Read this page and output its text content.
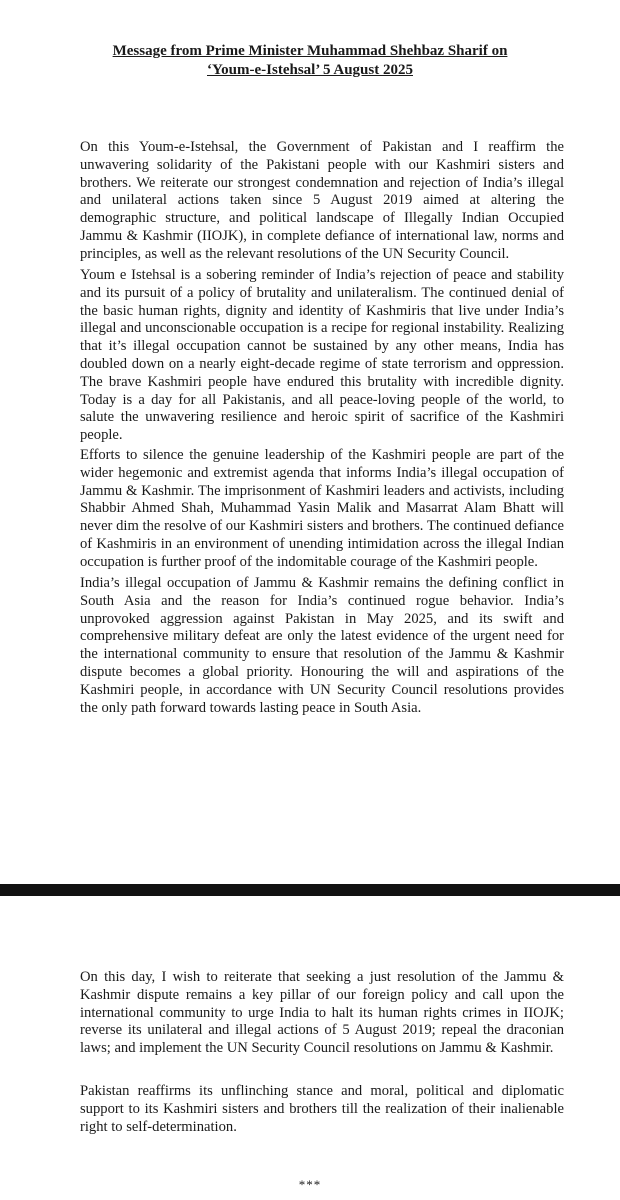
Message from Prime Minister Muhammad Shehbaz Sharif on
‘Youm-e-Istehsal’ 5 August 2025

On this Youm-e-Istehsal, the Government of Pakistan and I reaffirm the unwavering solidarity of the Pakistani people with our Kashmiri sisters and brothers. We reiterate our strongest condemnation and rejection of India’s illegal and unilateral actions taken since 5 August 2019 aimed at altering the demographic structure, and political landscape of Illegally Indian Occupied Jammu & Kashmir (IIOJK), in complete defiance of international law, norms and principles, as well as the relevant resolutions of the UN Security Council.

Youm e Istehsal is a sobering reminder of India’s rejection of peace and stability and its pursuit of a policy of brutality and unilateralism. The continued denial of the basic human rights, dignity and identity of Kashmiris that live under India’s illegal and unconscionable occupation is a recipe for regional instability. Realizing that it’s illegal occupation cannot be sustained by any other means, India has doubled down on a nearly eight-decade regime of state terrorism and oppression. The brave Kashmiri people have endured this brutality with incredible dignity. Today is a day for all Pakistanis, and all peace-loving people of the world, to salute the unwavering resilience and heroic spirit of sacrifice of the Kashmiri people.

Efforts to silence the genuine leadership of the Kashmiri people are part of the wider hegemonic and extremist agenda that informs India’s illegal occupation of Jammu & Kashmir. The imprisonment of Kashmiri leaders and activists, including Shabbir Ahmed Shah, Muhammad Yasin Malik and Masarrat Alam Bhatt will never dim the resolve of our Kashmiri sisters and brothers. The continued defiance of Kashmiris in an environment of unending intimidation across the illegal Indian occupation is further proof of the indomitable courage of the Kashmiri people.

India’s illegal occupation of Jammu & Kashmir remains the defining conflict in South Asia and the reason for India’s continued rogue behavior. India’s unprovoked aggression against Pakistan in May 2025, and its swift and comprehensive military defeat are only the latest evidence of the urgent need for the international community to ensure that resolution of the Jammu & Kashmir dispute becomes a global priority. Honouring the will and aspirations of the Kashmiri people, in accordance with UN Security Council resolutions provides the only path forward towards lasting peace in South Asia.

On this day, I wish to reiterate that seeking a just resolution of the Jammu & Kashmir dispute remains a key pillar of our foreign policy and call upon the international community to urge India to halt its human rights crimes in IIOJK; reverse its unilateral and illegal actions of 5 August 2019; repeal the draconian laws; and implement the UN Security Council resolutions on Jammu & Kashmir.

Pakistan reaffirms its unflinching stance and moral, political and diplomatic support to its Kashmiri sisters and brothers till the realization of their inalienable right to self-determination.

***
